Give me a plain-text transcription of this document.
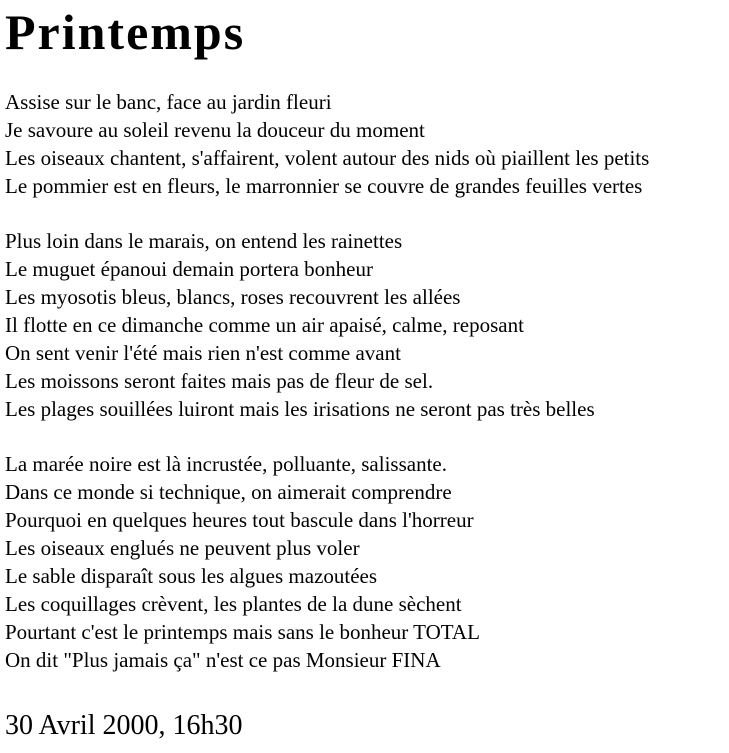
Printemps
Assise sur le banc, face au jardin fleuri
Je savoure au soleil revenu la douceur du moment
Les oiseaux chantent, s'affairent, volent autour des nids où piaillent les petits
Le pommier est en fleurs, le marronnier se couvre de grandes feuilles vertes
Plus loin dans le marais, on entend les rainettes
Le muguet épanoui demain portera bonheur
Les myosotis bleus, blancs, roses recouvrent les allées
Il flotte en ce dimanche comme un air apaisé, calme, reposant
On sent venir l'été mais rien n'est comme avant
Les moissons seront faites mais pas de fleur de sel.
Les plages souillées luiront mais les irisations ne seront pas très belles
La marée noire est là incrustée, polluante, salissante.
Dans ce monde si technique, on aimerait comprendre
Pourquoi en quelques heures tout bascule dans l'horreur
Les oiseaux englués ne peuvent plus voler
Le sable disparaît sous les algues mazoutées
Les coquillages crèvent, les plantes de la dune sèchent
Pourtant c'est le printemps mais sans le bonheur TOTAL
On dit "Plus jamais ça" n'est ce pas Monsieur FINA
30 Avril 2000, 16h30
